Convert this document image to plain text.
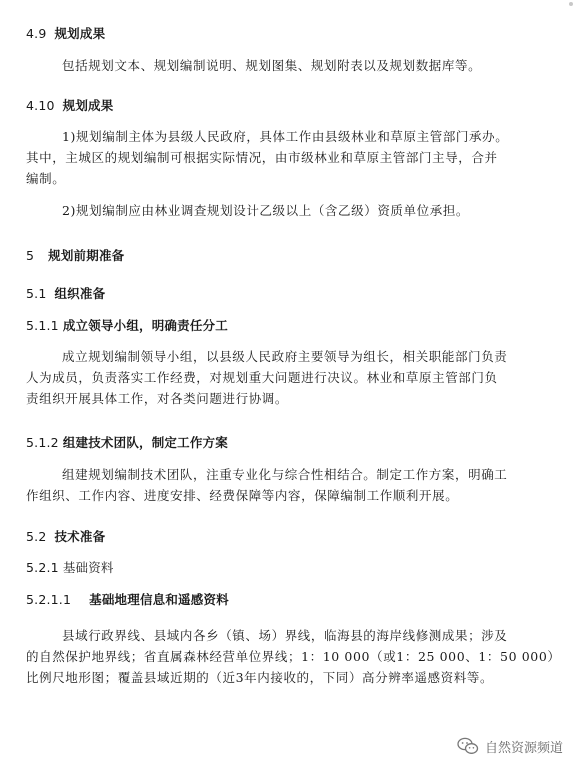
4.9 规划成果
包括规划文本、规划编制说明、规划图集、规划附表以及规划数据库等。
4.10 规划成果
1)规划编制主体为县级人民政府，具体工作由县级林业和草原主管部门承办。
其中，主城区的规划编制可根据实际情况，由市级林业和草原主管部门主导，合并
编制。
2)规划编制应由林业调查规划设计乙级以上（含乙级）资质单位承担。
5 规划前期准备
5.1 组织准备
5.1.1 成立领导小组，明确责任分工
成立规划编制领导小组，以县级人民政府主要领导为组长，相关职能部门负责
人为成员，负责落实工作经费，对规划重大问题进行决议。林业和草原主管部门负
责组织开展具体工作，对各类问题进行协调。
5.1.2 组建技术团队，制定工作方案
组建规划编制技术团队，注重专业化与综合性相结合。制定工作方案，明确工
作组织、工作内容、进度安排、经费保障等内容，保障编制工作顺利开展。
5.2 技术准备
5.2.1 基础资料
5.2.1.1 基础地理信息和遥感资料
县域行政界线、县域内各乡（镇、场）界线，临海县的海岸线修测成果；涉及
的自然保护地界线；省直属森林经营单位界线；1：10 000（或1：25 000、1：50 000）
比例尺地形图；覆盖县域近期的（近3年内接收的，下同）高分辨率遥感资料等。
自然资源频道
